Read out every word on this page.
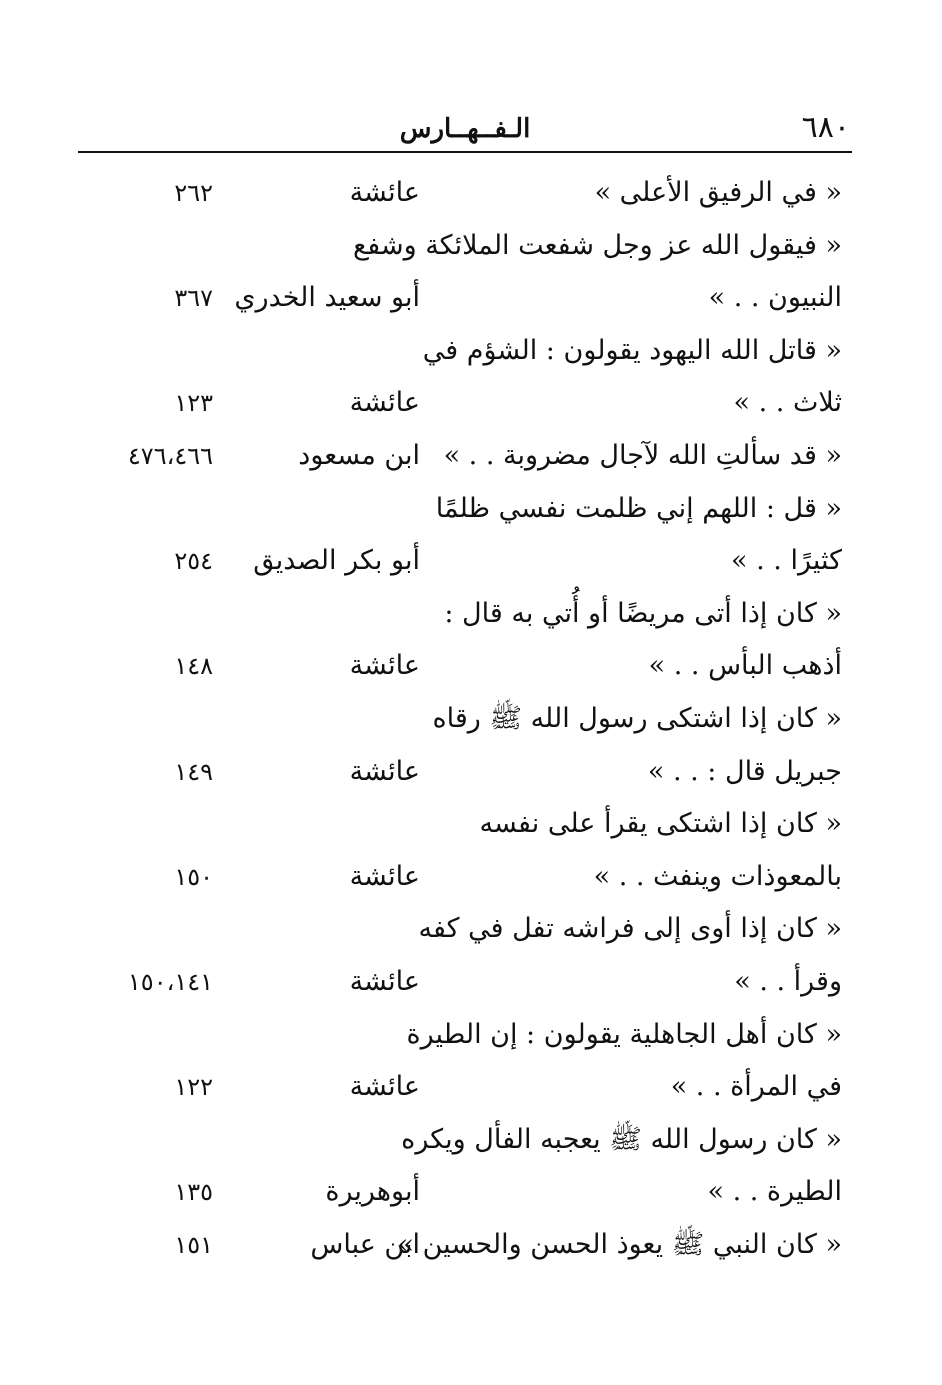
٦٨٠
الـفــهــارس
« في الرفيق الأعلى »
عائشة
٢٦٢
« فيقول الله عز وجل شفعت الملائكة وشفع
النبيون . . »
أبو سعيد الخدري
٣٦٧
« قاتل الله اليهود يقولون : الشؤم في
ثلاث . . »
عائشة
١٢٣
« قد سألتِ الله لآجال مضروبة . . »
ابن مسعود
٤٧٦،٤٦٦
« قل : اللهم إني ظلمت نفسي ظلمًا
كثيرًا . . »
أبو بكر الصديق
٢٥٤
« كان إذا أتى مريضًا أو أُتي به قال :
أذهب البأس . . »
عائشة
١٤٨
« كان إذا اشتكى رسول الله ﷺ رقاه
جبريل قال : . . »
عائشة
١٤٩
« كان إذا اشتكى يقرأ على نفسه
بالمعوذات وينفث . . »
عائشة
١٥٠
« كان إذا أوى إلى فراشه تفل في كفه
وقرأ . . »
عائشة
١٥٠،١٤١
« كان أهل الجاهلية يقولون : إن الطيرة
في المرأة . . »
عائشة
١٢٢
« كان رسول الله ﷺ يعجبه الفأل ويكره
الطيرة . . »
أبوهريرة
١٣٥
« كان النبي ﷺ يعوذ الحسن والحسين »
ابن عباس
١٥١
